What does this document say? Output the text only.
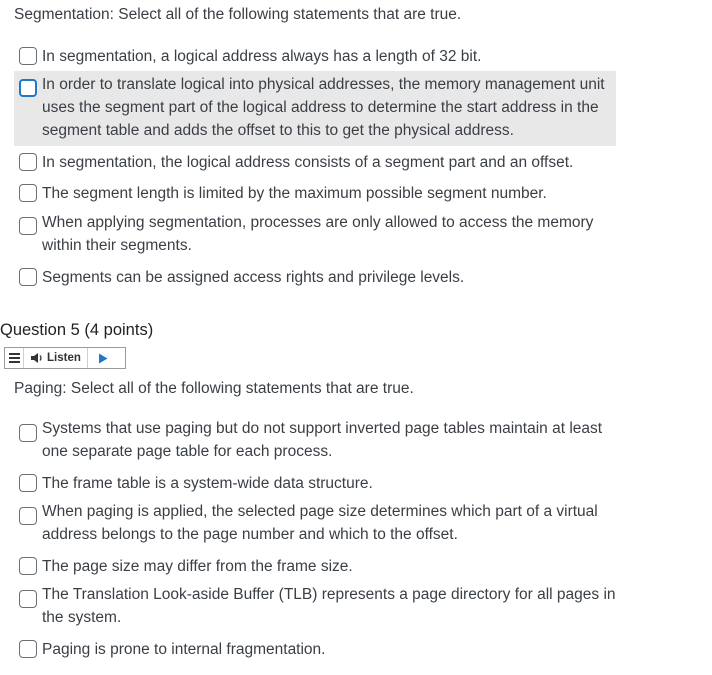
Segmentation: Select all of the following statements that are true.
In segmentation, a logical address always has a length of 32 bit.
In order to translate logical into physical addresses, the memory management unit uses the segment part of the logical address to determine the start address in the segment table and adds the offset to this to get the physical address.
In segmentation, the logical address consists of a segment part and an offset.
The segment length is limited by the maximum possible segment number.
When applying segmentation, processes are only allowed to access the memory within their segments.
Segments can be assigned access rights and privilege levels.
Question 5 (4 points)
Listen
Paging: Select all of the following statements that are true.
Systems that use paging but do not support inverted page tables maintain at least one separate page table for each process.
The frame table is a system-wide data structure.
When paging is applied, the selected page size determines which part of a virtual address belongs to the page number and which to the offset.
The page size may differ from the frame size.
The Translation Look-aside Buffer (TLB) represents a page directory for all pages in the system.
Paging is prone to internal fragmentation.
